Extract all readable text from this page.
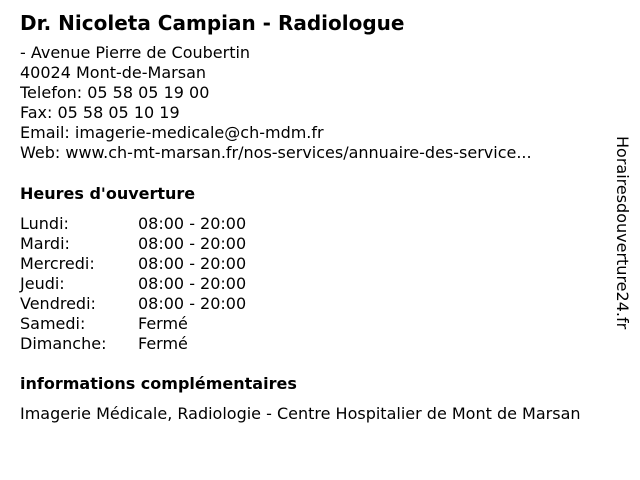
Dr. Nicoleta Campian - Radiologue
- Avenue Pierre de Coubertin
40024 Mont-de-Marsan
Telefon: 05 58 05 19 00
Fax: 05 58 05 10 19
Email: imagerie-medicale@ch-mdm.fr
Web: www.ch-mt-marsan.fr/nos-services/annuaire-des-service...
Heures d'ouverture
Lundi:	08:00 - 20:00
Mardi:	08:00 - 20:00
Mercredi:	08:00 - 20:00
Jeudi:	08:00 - 20:00
Vendredi:	08:00 - 20:00
Samedi:	Fermé
Dimanche: Fermé
informations complémentaires
Imagerie Médicale, Radiologie - Centre Hospitalier de Mont de Marsan
Horairesdouverture24.fr
